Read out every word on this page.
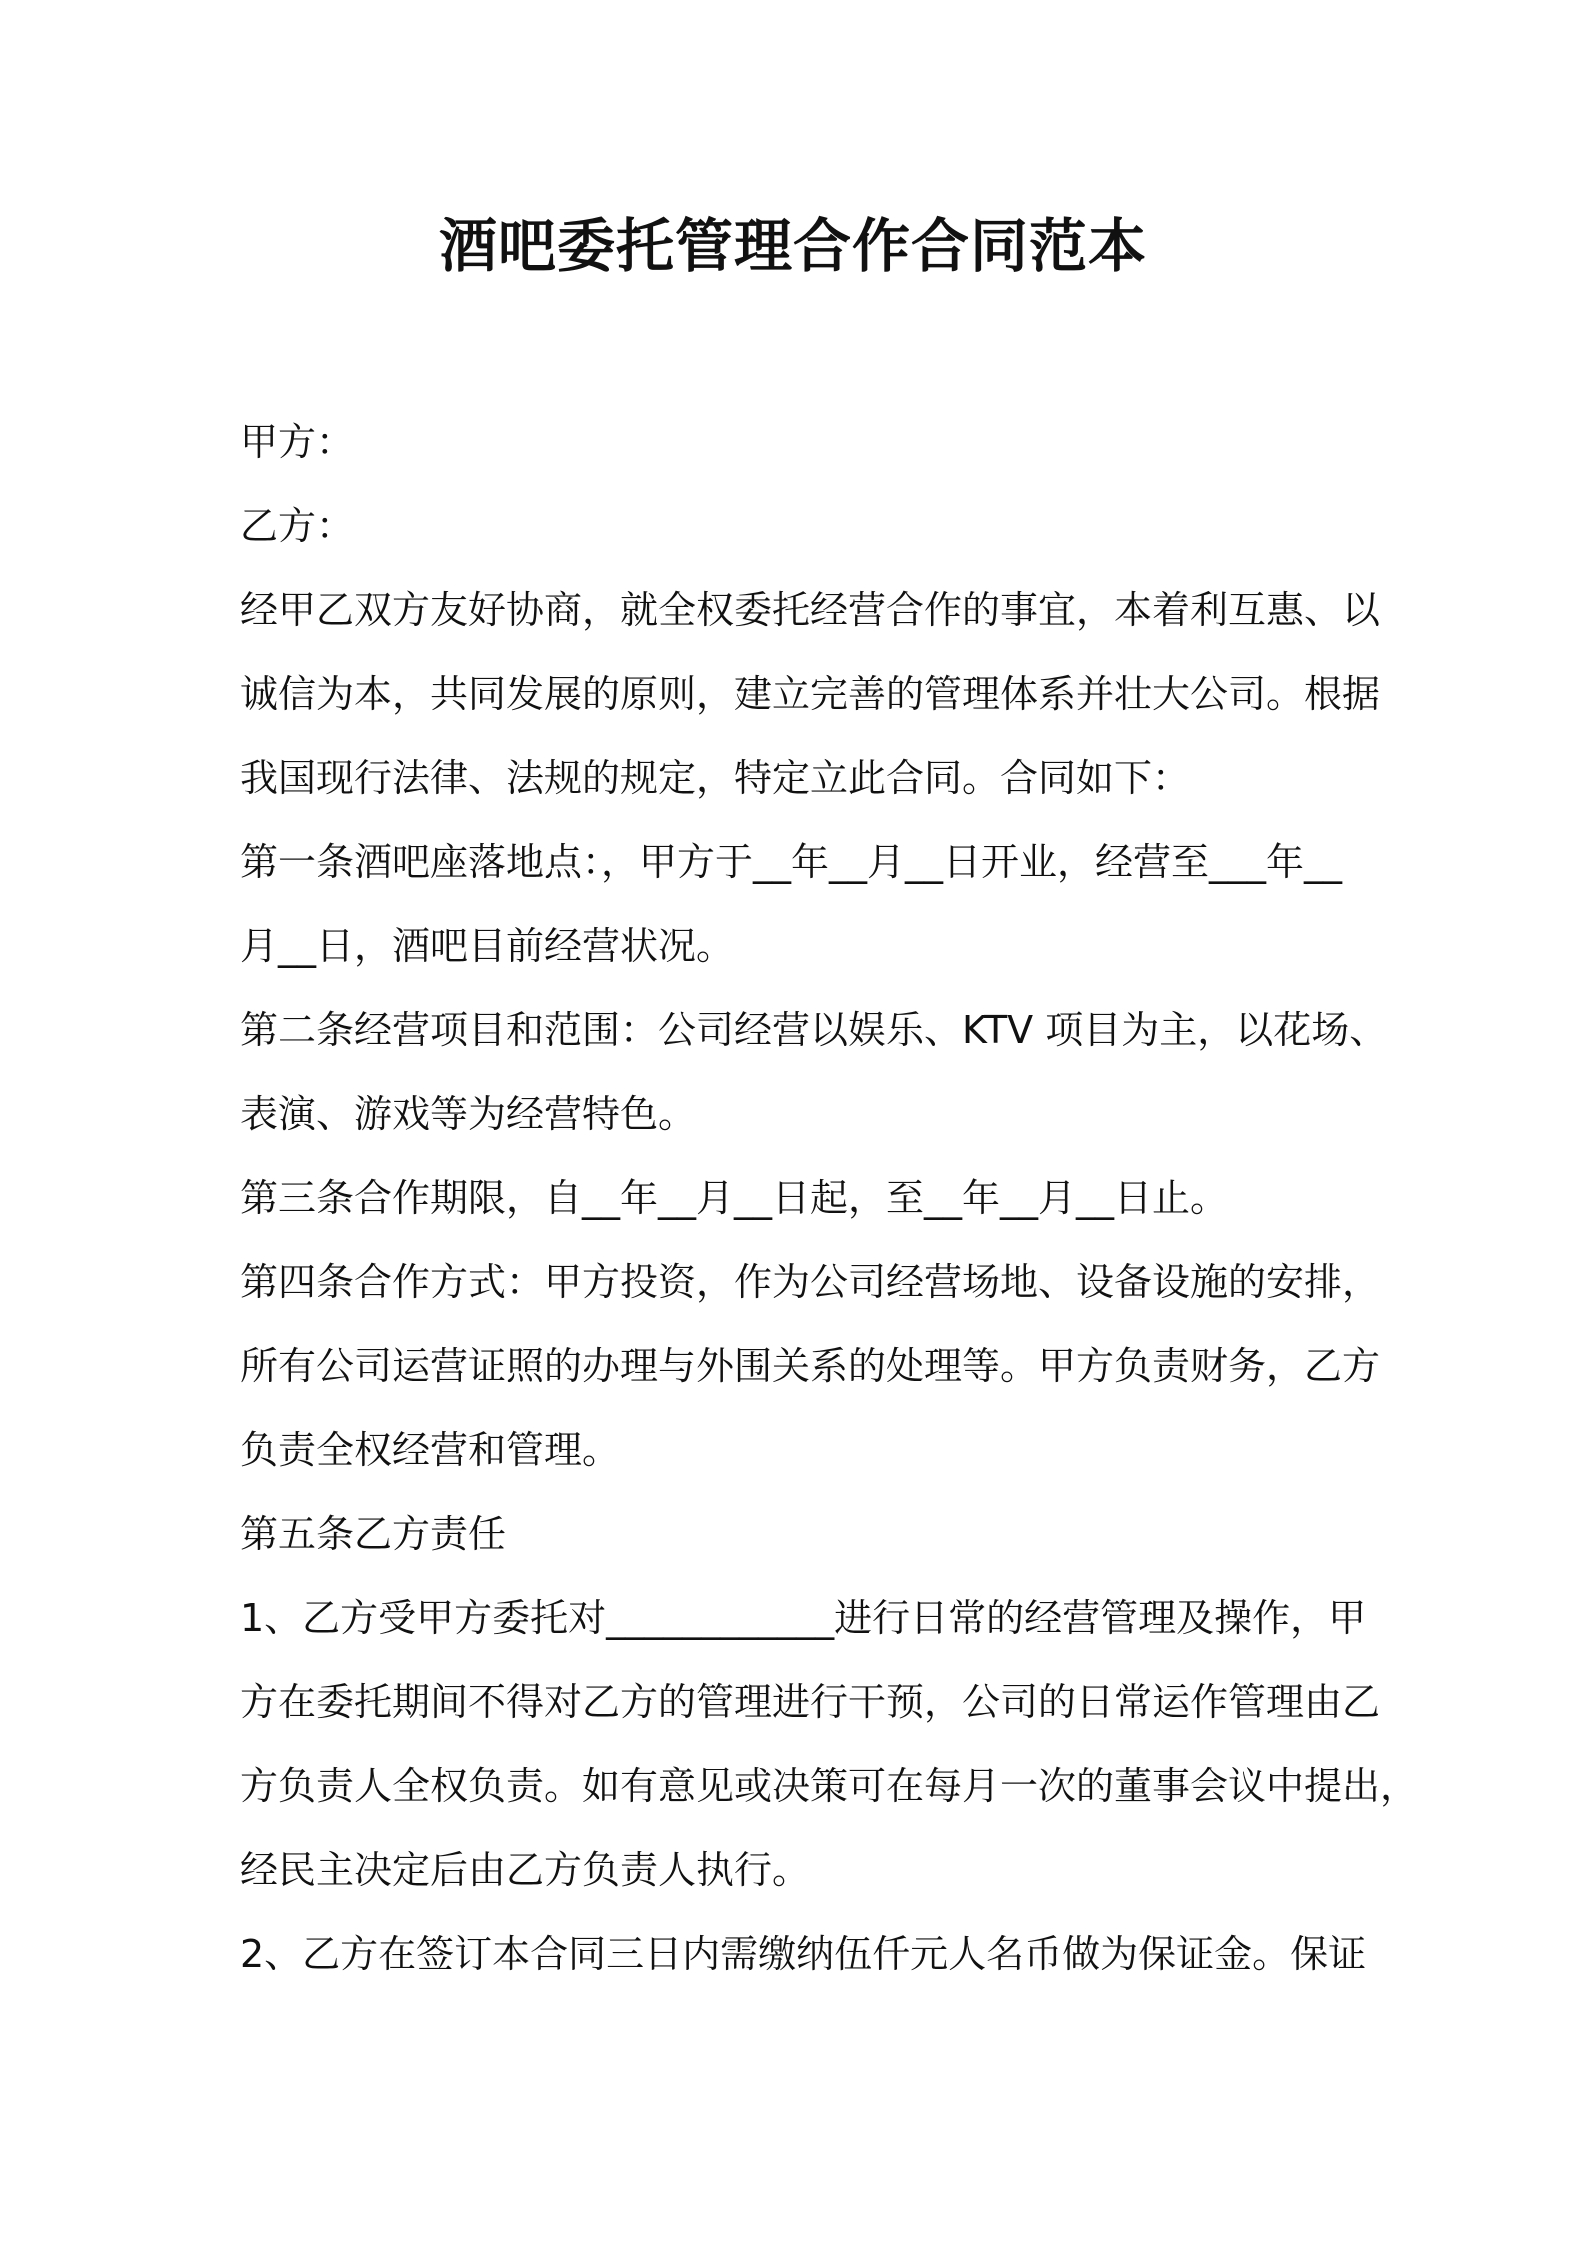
酒吧委托管理合作合同范本

甲方：

乙方：

经甲乙双方友好协商，就全权委托经营合作的事宜，本着利互惠、以

诚信为本，共同发展的原则，建立完善的管理体系并壮大公司。根据

我国现行法律、法规的规定，特定立此合同。合同如下：

第一条酒吧座落地点：，甲方于__年__月__日开业，经营至___年__

月__日，酒吧目前经营状况。

第二条经营项目和范围：公司经营以娱乐、KTV 项目为主，以花场、

表演、游戏等为经营特色。

第三条合作期限，自__年__月__日起，至__年__月__日止。

第四条合作方式：甲方投资，作为公司经营场地、设备设施的安排，

所有公司运营证照的办理与外围关系的处理等。甲方负责财务，乙方

负责全权经营和管理。

第五条乙方责任

1、乙方受甲方委托对____________进行日常的经营管理及操作，甲

方在委托期间不得对乙方的管理进行干预，公司的日常运作管理由乙

方负责人全权负责。如有意见或决策可在每月一次的董事会议中提出，

经民主决定后由乙方负责人执行。

2、乙方在签订本合同三日内需缴纳伍仟元人名币做为保证金。保证
